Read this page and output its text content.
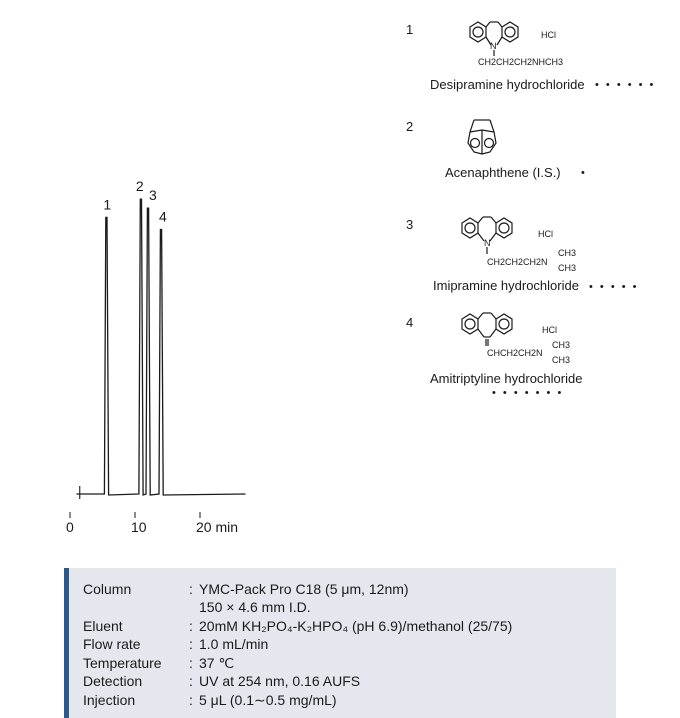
0	10	20 min
1
2
3
4
1
N
HCl
CH2CH2CH2NHCH3
Desipramine hydrochloride • • • • • •
2
Acenaphthene (I.S.) •
3
N
HCl
CH2CH2CH2N
CH3
CH3
Imipramine hydrochloride • • • • •
4	HCl
CHCH2CH2N
CH3
CH3
Amitriptyline hydrochloride
• • • • • • •
Column	: YMC-Pack Pro C18 (5 μm, 12nm)
150 × 4.6 mm I.D.
Eluent	: 20mM KH₂PO₄-K₂HPO₄ (pH 6.9)/methanol (25/75)
Flow rate	: 1.0 mL/min
Temperature : 37 ℃
Detection	: UV at 254 nm, 0.16 AUFS
Injection	: 5 μL (0.1∼0.5 mg/mL)
